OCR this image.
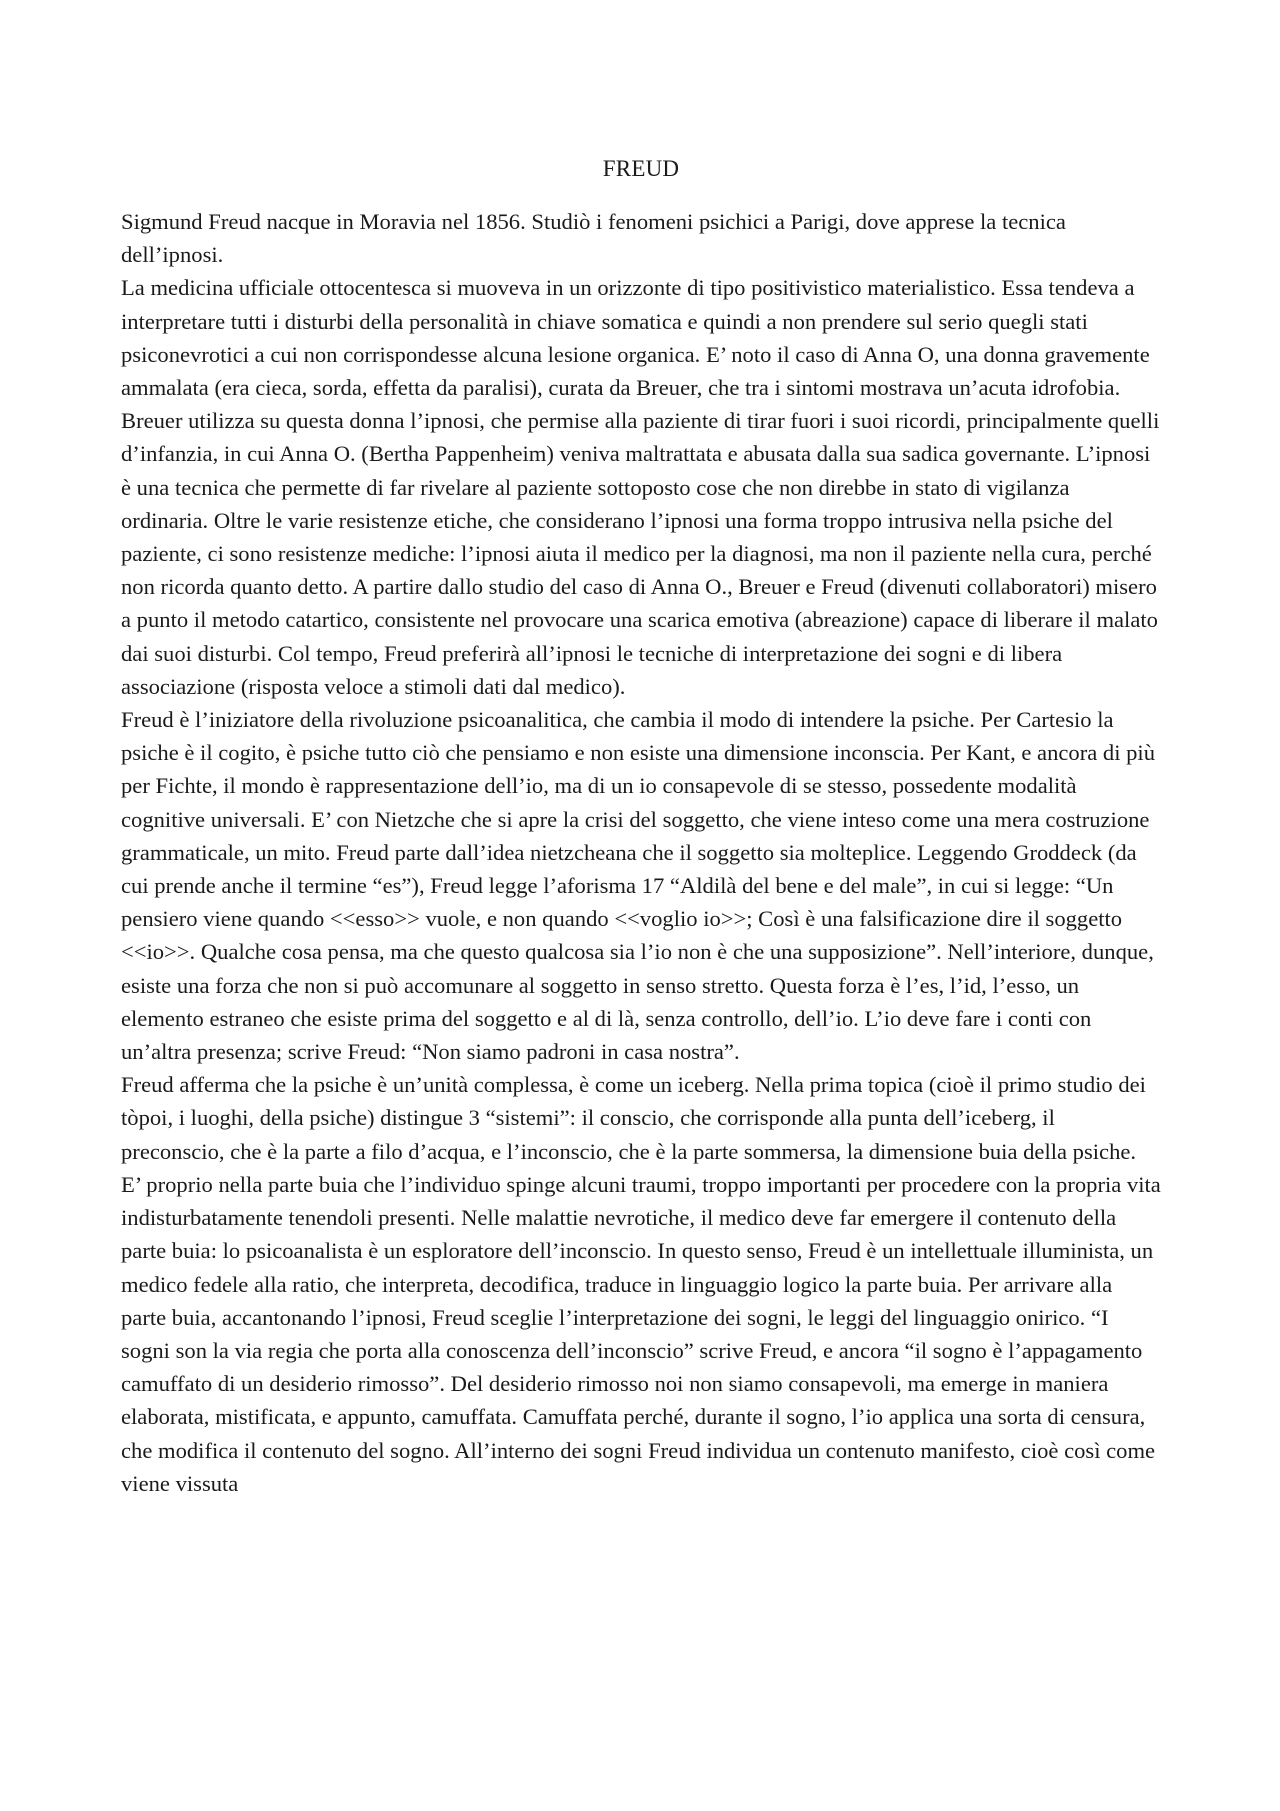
FREUD

Sigmund Freud nacque in Moravia nel 1856. Studiò i fenomeni psichici a Parigi, dove apprese la tecnica dell’ipnosi.

La medicina ufficiale ottocentesca si muoveva in un orizzonte di tipo positivistico materialistico. Essa tendeva a interpretare tutti i disturbi della personalità in chiave somatica e quindi a non prendere sul serio quegli stati psiconevrotici a cui non corrispondesse alcuna lesione organica. E’ noto il caso di Anna O, una donna gravemente ammalata (era cieca, sorda, effetta da paralisi), curata da Breuer, che tra i sintomi mostrava un’acuta idrofobia. Breuer utilizza su questa donna l’ipnosi, che permise alla paziente di tirar fuori i suoi ricordi, principalmente quelli d’infanzia, in cui Anna O. (Bertha Pappenheim) veniva maltrattata e abusata dalla sua sadica governante. L’ipnosi è una tecnica che permette di far rivelare al paziente sottoposto cose che non direbbe in stato di vigilanza ordinaria. Oltre le varie resistenze etiche, che considerano l’ipnosi una forma troppo intrusiva nella psiche del paziente, ci sono resistenze mediche: l’ipnosi aiuta il medico per la diagnosi, ma non il paziente nella cura, perché non ricorda quanto detto. A partire dallo studio del caso di Anna O., Breuer e Freud (divenuti collaboratori) misero a punto il metodo catartico, consistente nel provocare una scarica emotiva (abreazione) capace di liberare il malato dai suoi disturbi. Col tempo, Freud preferirà all’ipnosi le tecniche di interpretazione dei sogni e di libera associazione (risposta veloce a stimoli dati dal medico).

Freud è l’iniziatore della rivoluzione psicoanalitica, che cambia il modo di intendere la psiche. Per Cartesio la psiche è il cogito, è psiche tutto ciò che pensiamo e non esiste una dimensione inconscia. Per Kant, e ancora di più per Fichte, il mondo è rappresentazione dell’io, ma di un io consapevole di se stesso, possedente modalità cognitive universali. E’ con Nietzche che si apre la crisi del soggetto, che viene inteso come una mera costruzione grammaticale, un mito. Freud parte dall’idea nietzcheana che il soggetto sia molteplice. Leggendo Groddeck (da cui prende anche il termine “es”), Freud legge l’aforisma 17 “Aldilà del bene e del male”, in cui si legge: “Un pensiero viene quando <<esso>> vuole, e non quando <<voglio io>>; Così è una falsificazione dire il soggetto <<io>>. Qualche cosa pensa, ma che questo qualcosa sia l’io non è che una supposizione”. Nell’interiore, dunque, esiste una forza che non si può accomunare al soggetto in senso stretto. Questa forza è l’es, l’id, l’esso, un elemento estraneo che esiste prima del soggetto e al di là, senza controllo, dell’io. L’io deve fare i conti con un’altra presenza; scrive Freud: “Non siamo padroni in casa nostra”.

Freud afferma che la psiche è un’unità complessa, è come un iceberg. Nella prima topica (cioè il primo studio dei tòpoi, i luoghi, della psiche) distingue 3 “sistemi”: il conscio, che corrisponde alla punta dell’iceberg, il preconscio, che è la parte a filo d’acqua, e l’inconscio, che è la parte sommersa, la dimensione buia della psiche. E’ proprio nella parte buia che l’individuo spinge alcuni traumi, troppo importanti per procedere con la propria vita indisturbatamente tenendoli presenti. Nelle malattie nevrotiche, il medico deve far emergere il contenuto della parte buia: lo psicoanalista è un esploratore dell’inconscio. In questo senso, Freud è un intellettuale illuminista, un medico fedele alla ratio, che interpreta, decodifica, traduce in linguaggio logico la parte buia. Per arrivare alla parte buia, accantonando l’ipnosi, Freud sceglie l’interpretazione dei sogni, le leggi del linguaggio onirico. “I sogni son la via regia che porta alla conoscenza dell’inconscio” scrive Freud, e ancora “il sogno è l’appagamento camuffato di un desiderio rimosso”. Del desiderio rimosso noi non siamo consapevoli, ma emerge in maniera elaborata, mistificata, e appunto, camuffata. Camuffata perché, durante il sogno, l’io applica una sorta di censura, che modifica il contenuto del sogno. All’interno dei sogni Freud individua un contenuto manifesto, cioè così come viene vissuta
